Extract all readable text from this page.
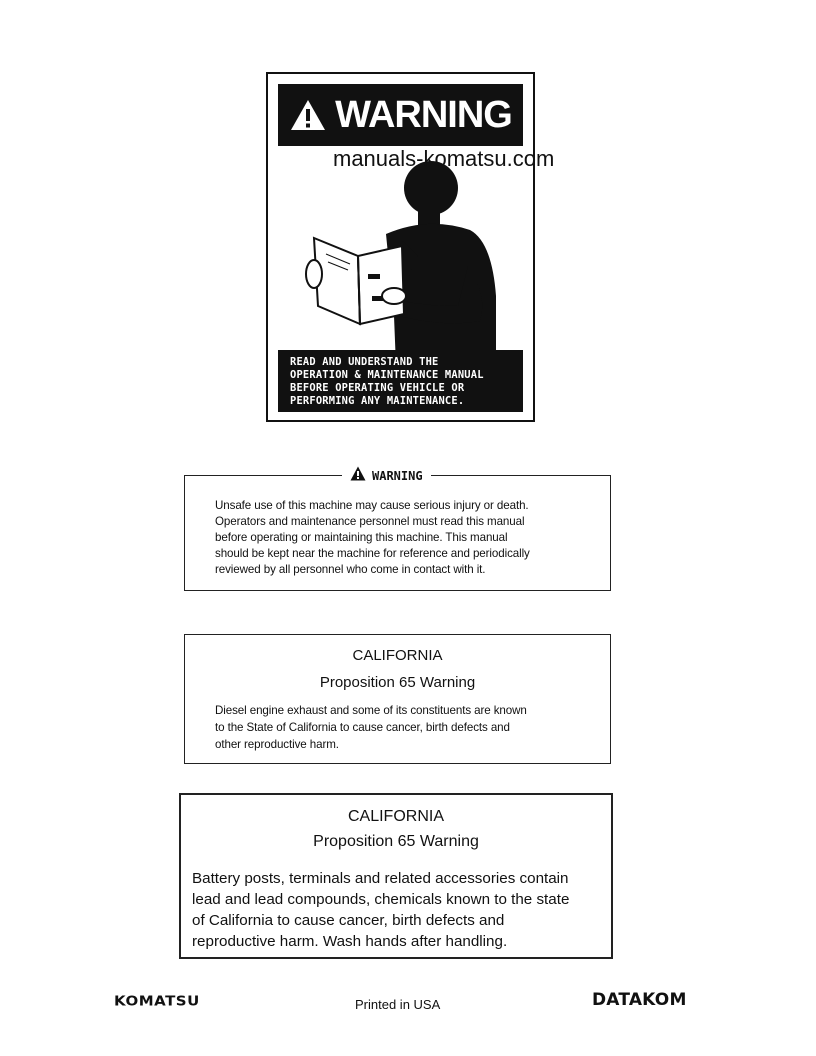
WARNING
READ AND UNDERSTAND THE
OPERATION & MAINTENANCE MANUAL
BEFORE OPERATING VEHICLE OR
PERFORMING ANY MAINTENANCE.
manuals-komatsu.com
WARNING
Unsafe use of this machine may cause serious injury or death.
Operators and maintenance personnel must read this manual
before operating or maintaining this machine. This manual
should be kept near the machine for reference and periodically
reviewed by all personnel who come in contact with it.
CALIFORNIA
Proposition 65 Warning
Diesel engine exhaust and some of its constituents are known
to the State of California to cause cancer, birth defects and
other reproductive harm.
CALIFORNIA
Proposition 65 Warning
Battery posts, terminals and related accessories contain
lead and lead compounds, chemicals known to the state
of California to cause cancer, birth defects and
reproductive harm. Wash hands after handling.
KOMATSU	Printed in USA	DATAKOM
